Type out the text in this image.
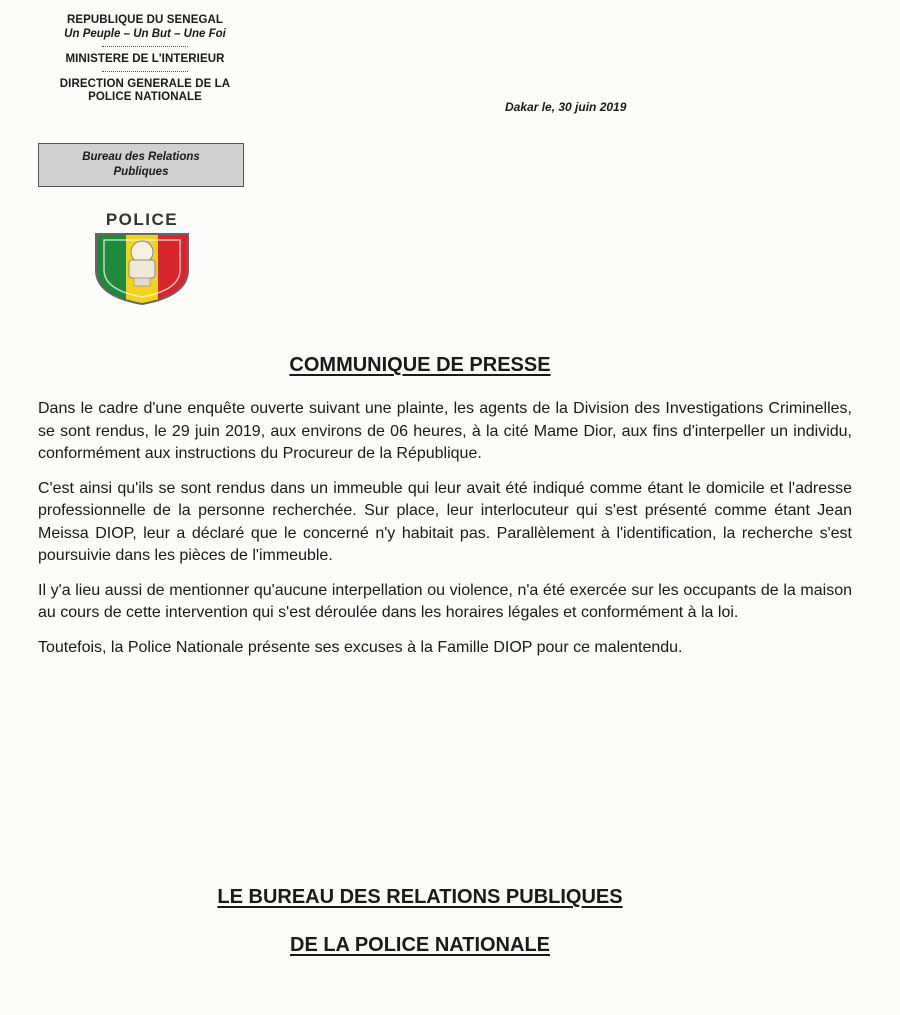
REPUBLIQUE DU SENEGAL
Un Peuple – Un But – Une Foi
MINISTERE DE L'INTERIEUR
DIRECTION GENERALE DE LA
POLICE NATIONALE
Dakar le, 30 juin 2019
Bureau des Relations
Publiques
POLICE
COMMUNIQUE DE PRESSE

Dans le cadre d'une enquête ouverte suivant une plainte, les agents de la Division des Investigations Criminelles, se sont rendus, le 29 juin 2019, aux environs de 06 heures, à la cité Mame Dior, aux fins d'interpeller un individu, conformément aux instructions du Procureur de la République.

C'est ainsi qu'ils se sont rendus dans un immeuble qui leur avait été indiqué comme étant le domicile et l'adresse professionnelle de la personne recherchée. Sur place, leur interlocuteur qui s'est présenté comme étant Jean Meissa DIOP, leur a déclaré que le concerné n'y habitait pas. Parallèlement à l'identification, la recherche s'est poursuivie dans les pièces de l'immeuble.

Il y'a lieu aussi de mentionner qu'aucune interpellation ou violence, n'a été exercée sur les occupants de la maison au cours de cette intervention qui s'est déroulée dans les horaires légales et conformément à la loi.

Toutefois, la Police Nationale présente ses excuses à la Famille DIOP pour ce malentendu.

LE BUREAU DES RELATIONS PUBLIQUES
DE LA POLICE NATIONALE
